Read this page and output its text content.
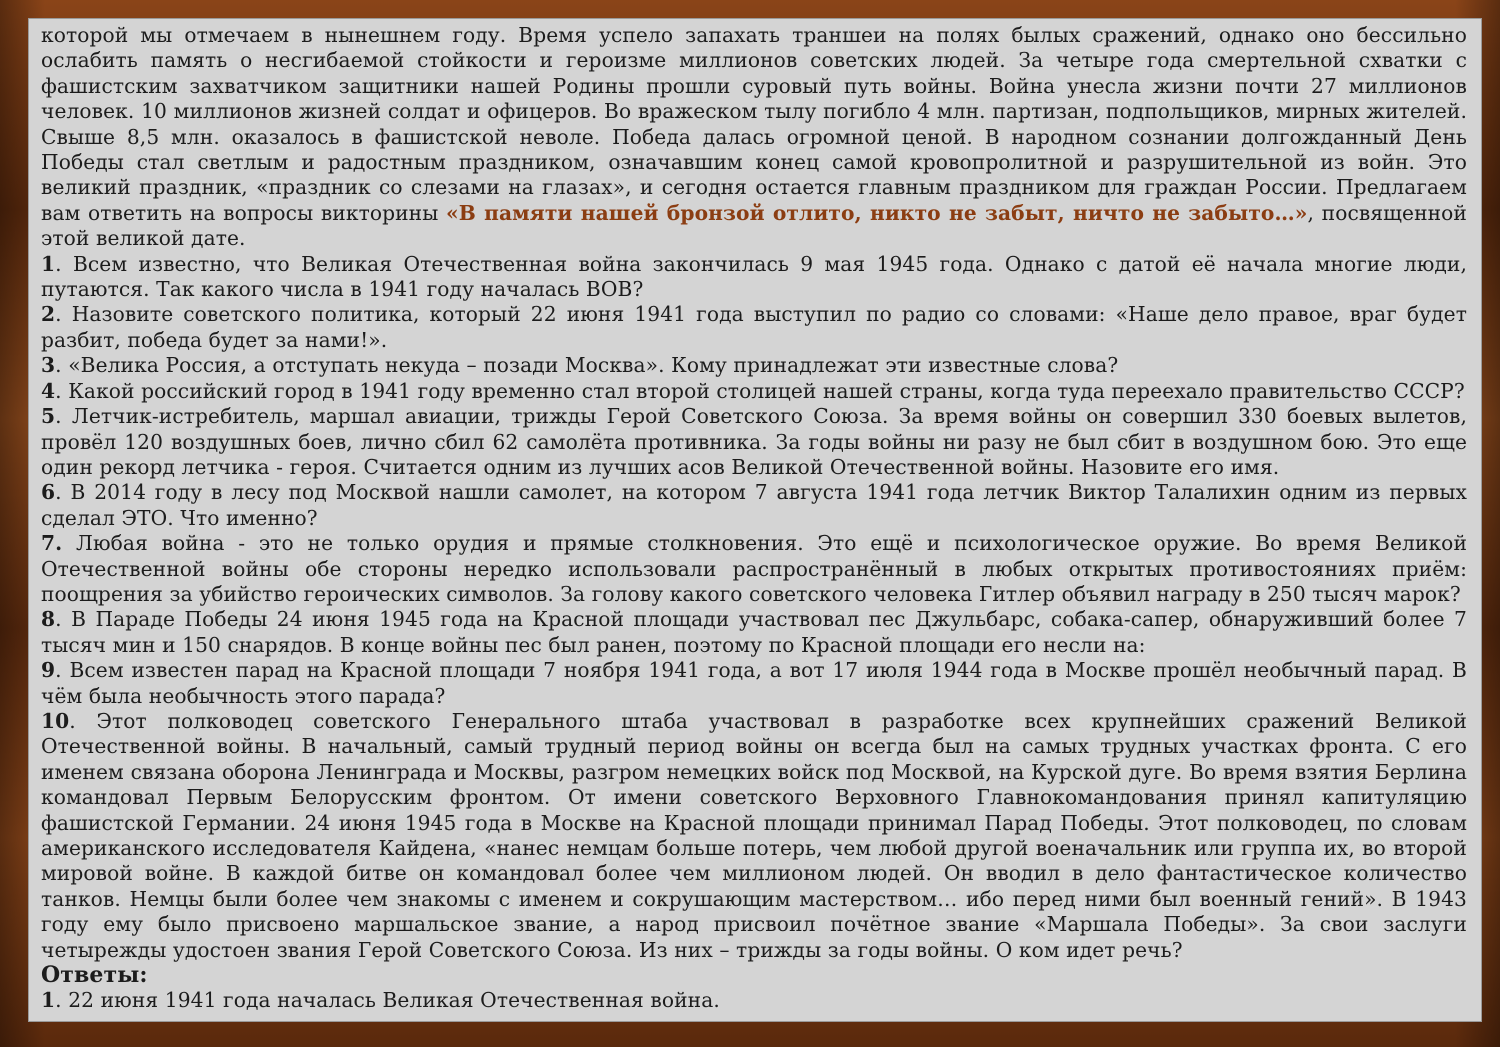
которой мы отмечаем в нынешнем году. Время успело запахать траншеи на полях былых сражений, однако оно бессильно ослабить память о несгибаемой стойкости и героизме миллионов советских людей. За четыре года смертельной схватки с фашистским захватчиком защитники нашей Родины прошли суровый путь войны. Война унесла жизни почти 27 миллионов человек. 10 миллионов жизней солдат и офицеров. Во вражеском тылу погибло 4 млн. партизан, подпольщиков, мирных жителей. Свыше 8,5 млн. оказалось в фашистской неволе. Победа далась огромной ценой. В народном сознании долгожданный День Победы стал светлым и радостным праздником, означавшим конец самой кровопролитной и разрушительной из войн. Это великий праздник, «праздник со слезами на глазах», и сегодня остается главным праздником для граждан России. Предлагаем вам ответить на вопросы викторины «В памяти нашей бронзой отлито, никто не забыт, ничто не забыто…», посвященной этой великой дате.

1. Всем известно, что Великая Отечественная война закончилась 9 мая 1945 года. Однако с датой её начала многие люди, путаются. Так какого числа в 1941 году началась ВОВ?

2. Назовите советского политика, который 22 июня 1941 года выступил по радио со словами: «Наше дело правое, враг будет разбит, победа будет за нами!».

3. «Велика Россия, а отступать некуда – позади Москва». Кому принадлежат эти известные слова?

4. Какой российский город в 1941 году временно стал второй столицей нашей страны, когда туда переехало правительство СССР?

5. Летчик-истребитель, маршал авиации, трижды Герой Советского Союза. За время войны он совершил 330 боевых вылетов, провёл 120 воздушных боев, лично сбил 62 самолёта противника. За годы войны ни разу не был сбит в воздушном бою. Это еще один рекорд летчика - героя. Считается одним из лучших асов Великой Отечественной войны. Назовите его имя.

6. В 2014 году в лесу под Москвой нашли самолет, на котором 7 августа 1941 года летчик Виктор Талалихин одним из первых сделал ЭТО. Что именно?

7. Любая война - это не только орудия и прямые столкновения. Это ещё и психологическое оружие. Во время Великой Отечественной войны обе стороны нередко использовали распространённый в любых открытых противостояниях приём: поощрения за убийство героических символов. За голову какого советского человека Гитлер объявил награду в 250 тысяч марок?

8. В Параде Победы 24 июня 1945 года на Красной площади участвовал пес Джульбарс, собака-сапер, обнаруживший более 7 тысяч мин и 150 снарядов. В конце войны пес был ранен, поэтому по Красной площади его несли на:

9. Всем известен парад на Красной площади 7 ноября 1941 года, а вот 17 июля 1944 года в Москве прошёл необычный парад. В чём была необычность этого парада?

10. Этот полководец советского Генерального штаба участвовал в разработке всех крупнейших сражений Великой Отечественной войны. В начальный, самый трудный период войны он всегда был на самых трудных участках фронта. С его именем связана оборона Ленинграда и Москвы, разгром немецких войск под Москвой, на Курской дуге. Во время взятия Берлина командовал Первым Белорусским фронтом. От имени советского Верховного Главнокомандования принял капитуляцию фашистской Германии. 24 июня 1945 года в Москве на Красной площади принимал Парад Победы. Этот полководец, по словам американского исследователя Кайдена, «нанес немцам больше потерь, чем любой другой военачальник или группа их, во второй мировой войне. В каждой битве он командовал более чем миллионом людей. Он вводил в дело фантастическое количество танков. Немцы были более чем знакомы с именем и сокрушающим мастерством… ибо перед ними был военный гений». В 1943 году ему было присвоено маршальское звание, а народ присвоил почётное звание «Маршала Победы». За свои заслуги четырежды удостоен звания Герой Советского Союза. Из них – трижды за годы войны. О ком идет речь?

Ответы:

1. 22 июня 1941 года началась Великая Отечественная война.
